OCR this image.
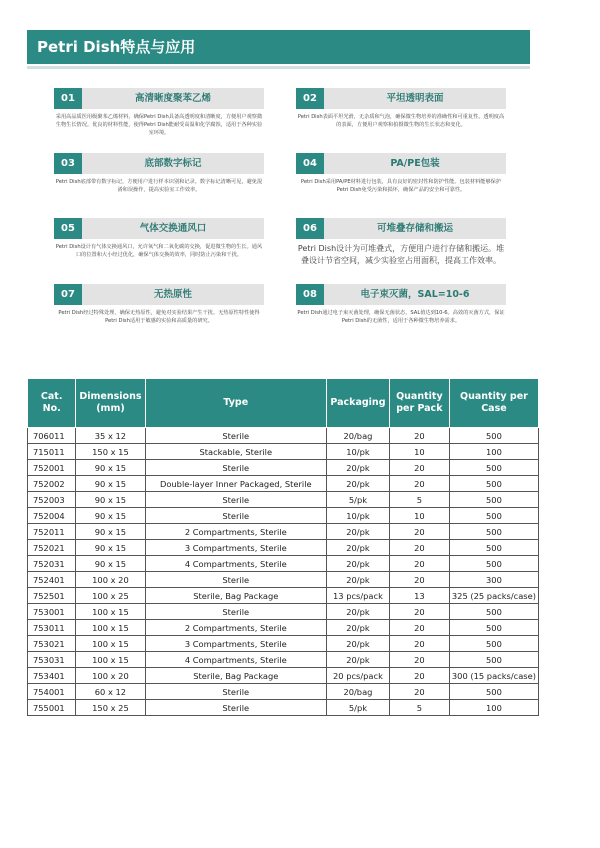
Petri Dish特点与应用
01	高清晰度聚苯乙烯
采用高品质医用级聚苯乙烯材料，确保Petri Dish具备高透明度和清晰度，方便用户观察微生物生长情况。优良的材料性能，使得Petri Dish能耐受高温和化学腐蚀，适用于各种实验室环境。
02	平坦透明表面
Petri Dish表面平坦光滑，无杂质和气泡，确保微生物培养的准确性和可重复性。透明度高的表面，方便用户观察和拍摄微生物的生长状态和变化。
03	底部数字标记
Petri Dish底部带有数字标记，方便用户进行样本识别和记录。数字标记清晰可见，避免混淆和误操作，提高实验室工作效率。
04	PA/PE包装
Petri Dish采用PA/PE材料进行包装，具有良好的密封性和防护性能。包装材料能够保护Petri Dish免受污染和损坏，确保产品的安全和可靠性。
05	气体交换通风口
Petri Dish设计有气体交换通风口，允许氧气和二氧化碳的交换，促进微生物的生长。通风口的位置和大小经过优化，确保气体交换的效率，同时防止污染和干扰。
06	可堆叠存储和搬运
Petri Dish设计为可堆叠式，方便用户进行存储和搬运。堆叠设计节省空间，减少实验室占用面积，提高工作效率。
07	无热原性
Petri Dish经过特殊处理，确保无热原性，避免对实验结果产生干扰。无热原性特性使得Petri Dish适用于敏感的实验和高质量的研究。
08	电子束灭菌，SAL=10-6
Petri Dish通过电子束灭菌处理，确保无菌状态，SAL值达到10-6。高效的灭菌方式，保证Petri Dish的无菌性，适用于各种微生物培养需求。
Cat. No.	Dimensions (mm)	Type	Packaging	Quantity per Pack	Quantity per Case
706011	35 x 12	Sterile	20/bag	20	500
715011	150 x 15	Stackable, Sterile	10/pk	10	100
752001	90 x 15	Sterile	20/pk	20	500
752002	90 x 15	Double-layer Inner Packaged, Sterile	20/pk	20	500
752003	90 x 15	Sterile	5/pk	5	500
752004	90 x 15	Sterile	10/pk	10	500
752011	90 x 15	2 Compartments, Sterile	20/pk	20	500
752021	90 x 15	3 Compartments, Sterile	20/pk	20	500
752031	90 x 15	4 Compartments, Sterile	20/pk	20	500
752401	100 x 20	Sterile	20/pk	20	300
752501	100 x 25	Sterile, Bag Package	13 pcs/pack	13	325 (25 packs/case)
753001	100 x 15	Sterile	20/pk	20	500
753011	100 x 15	2 Compartments, Sterile	20/pk	20	500
753021	100 x 15	3 Compartments, Sterile	20/pk	20	500
753031	100 x 15	4 Compartments, Sterile	20/pk	20	500
753401	100 x 20	Sterile, Bag Package	20 pcs/pack	20	300 (15 packs/case)
754001	60 x 12	Sterile	20/bag	20	500
755001	150 x 25	Sterile	5/pk	5	100
